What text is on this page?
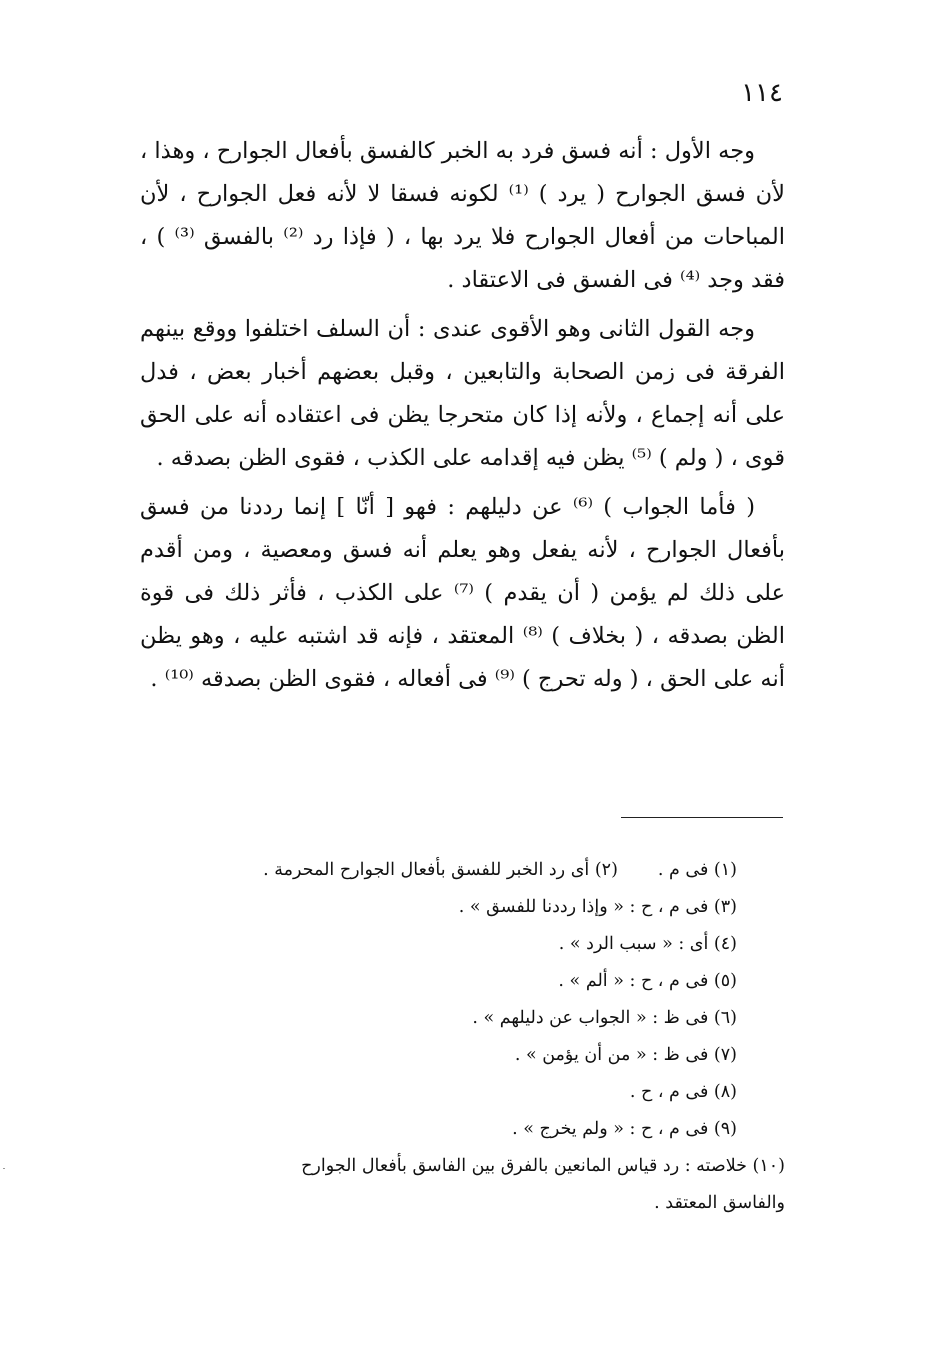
١١٤

وجه الأول : أنه فسق فرد به الخبر كالفسق بأفعال الجوارح ، وهذا ، لأن فسق الجوارح ( يرد ) ⁽¹⁾ لكونه فسقا لا لأنه فعل الجوارح ، لأن المباحات من أفعال الجوارح فلا يرد بها ، ( فإذا رد ⁽²⁾ بالفسق ⁽³⁾ ) ، فقد وجد ⁽⁴⁾ فى الفسق فى الاعتقاد .

وجه القول الثانى وهو الأقوى عندى : أن السلف اختلفوا ووقع بينهم الفرقة فى زمن الصحابة والتابعين ، وقبل بعضهم أخبار بعض ، فدل على أنه إجماع ، ولأنه إذا كان متحرجا يظن فى اعتقاده أنه على الحق قوى ، ( ولم ) ⁽⁵⁾ يظن فيه إقدامه على الكذب ، فقوى الظن بصدقه .

( فأما الجواب ) ⁽⁶⁾ عن دليلهم : فهو [ أنّا ] إنما رددنا من فسق بأفعال الجوارح ، لأنه يفعل وهو يعلم أنه فسق ومعصية ، ومن أقدم على ذلك لم يؤمن ( أن يقدم ) ⁽⁷⁾ على الكذب ، فأثر ذلك فى قوة الظن بصدقه ، ( بخلاف ) ⁽⁸⁾ المعتقد ، فإنه قد اشتبه عليه ، وهو يظن أنه على الحق ، ( وله تحرج ) ⁽⁹⁾ فى أفعاله ، فقوى الظن بصدقه ⁽¹⁰⁾ .

(١) فى م .(٢) أى رد الخبر للفسق بأفعال الجوارح المحرمة .

(٣) فى م ، ح : « وإذا رددنا للفسق » .

(٤) أى : « سبب الرد » .

(٥) فى م ، ح : « ألم » .

(٦) فى ظ : « الجواب عن دليلهم » .

(٧) فى ظ : « من أن يؤمن » .

(٨) فى م ، ح .

(٩) فى م ، ح : « ولم يخرج » .

(١٠) خلاصته : رد قياس المانعين بالفرق بين الفاسق بأفعال الجوارح
والفاسق المعتقد .
